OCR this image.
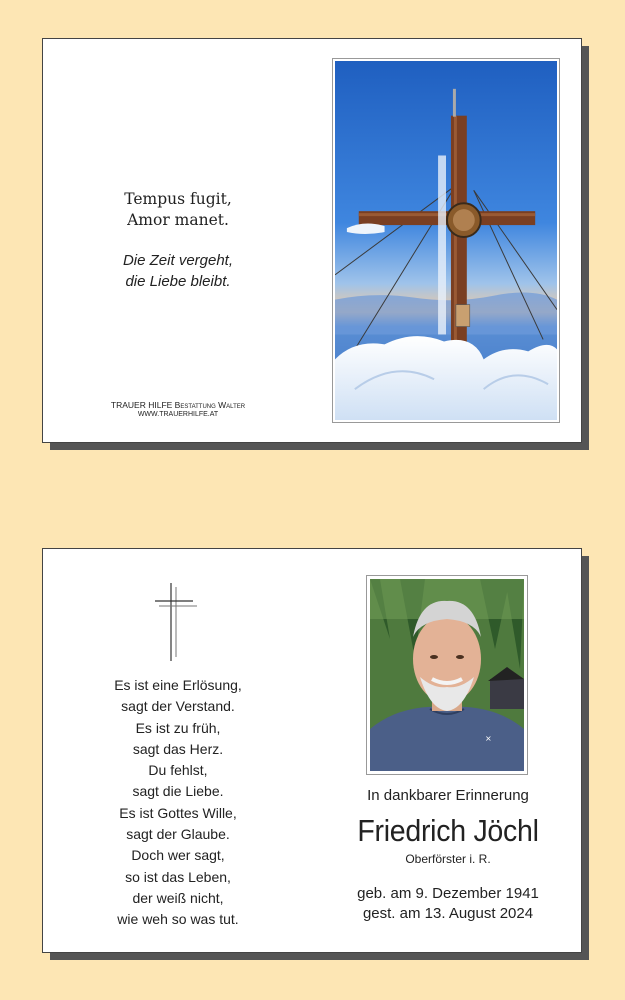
Tempus fugit,
Amor manet.
Die Zeit vergeht,
die Liebe bleibt.
TRAUER HILFE Bestattung Walter
WWW.TRAUERHILFE.AT
Es ist eine Erlösung,
sagt der Verstand.
Es ist zu früh,
sagt das Herz.
Du fehlst,
sagt die Liebe.
Es ist Gottes Wille,
sagt der Glaube.
Doch wer sagt,
so ist das Leben,
der weiß nicht,
wie weh so was tut.
⨯
In dankbarer Erinnerung
Friedrich Jöchl
Oberförster i. R.
geb. am 9. Dezember 1941
gest. am 13. August 2024
